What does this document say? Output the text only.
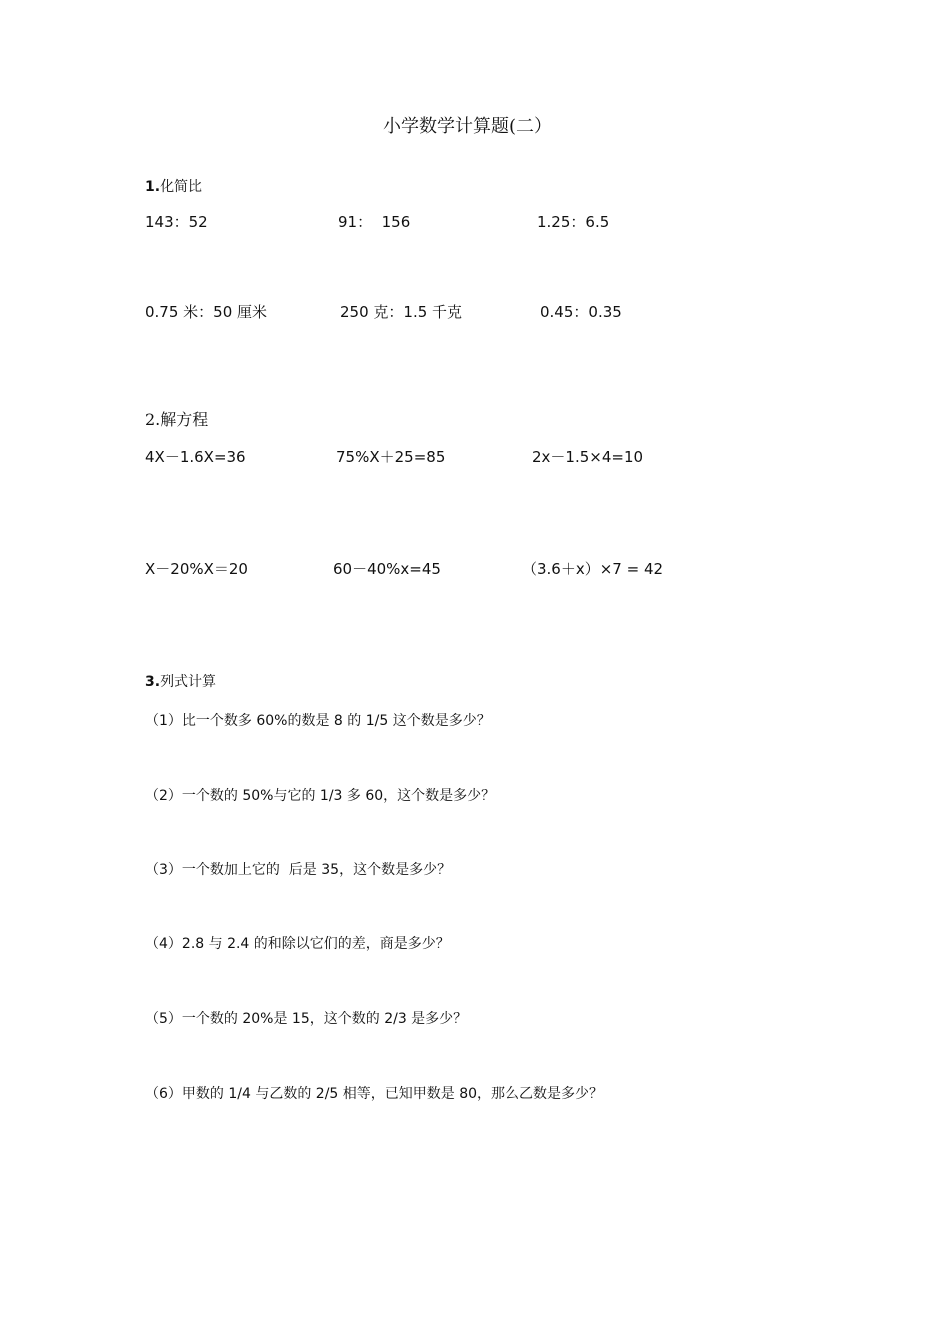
小学数学计算题(二）
1.化简比
143：52	91：  156	1.25：6.5
0.75 米：50 厘米	250 克：1.5 千克	0.45：0.35
2.解方程
4X－1.6X=36	75%X＋25=85	2x－1.5×4=10
X－20%X＝20	60－40%x=45	（3.6＋x）×7 = 42
3.列式计算
（1）比一个数多 60%的数是 8 的 1/5 这个数是多少？
（2）一个数的 50%与它的 1/3 多 60，这个数是多少？
（3）一个数加上它的  后是 35，这个数是多少？
（4）2.8 与 2.4 的和除以它们的差，商是多少？
（5）一个数的 20%是 15，这个数的 2/3 是多少？
（6）甲数的 1/4 与乙数的 2/5 相等，已知甲数是 80，那么乙数是多少？
